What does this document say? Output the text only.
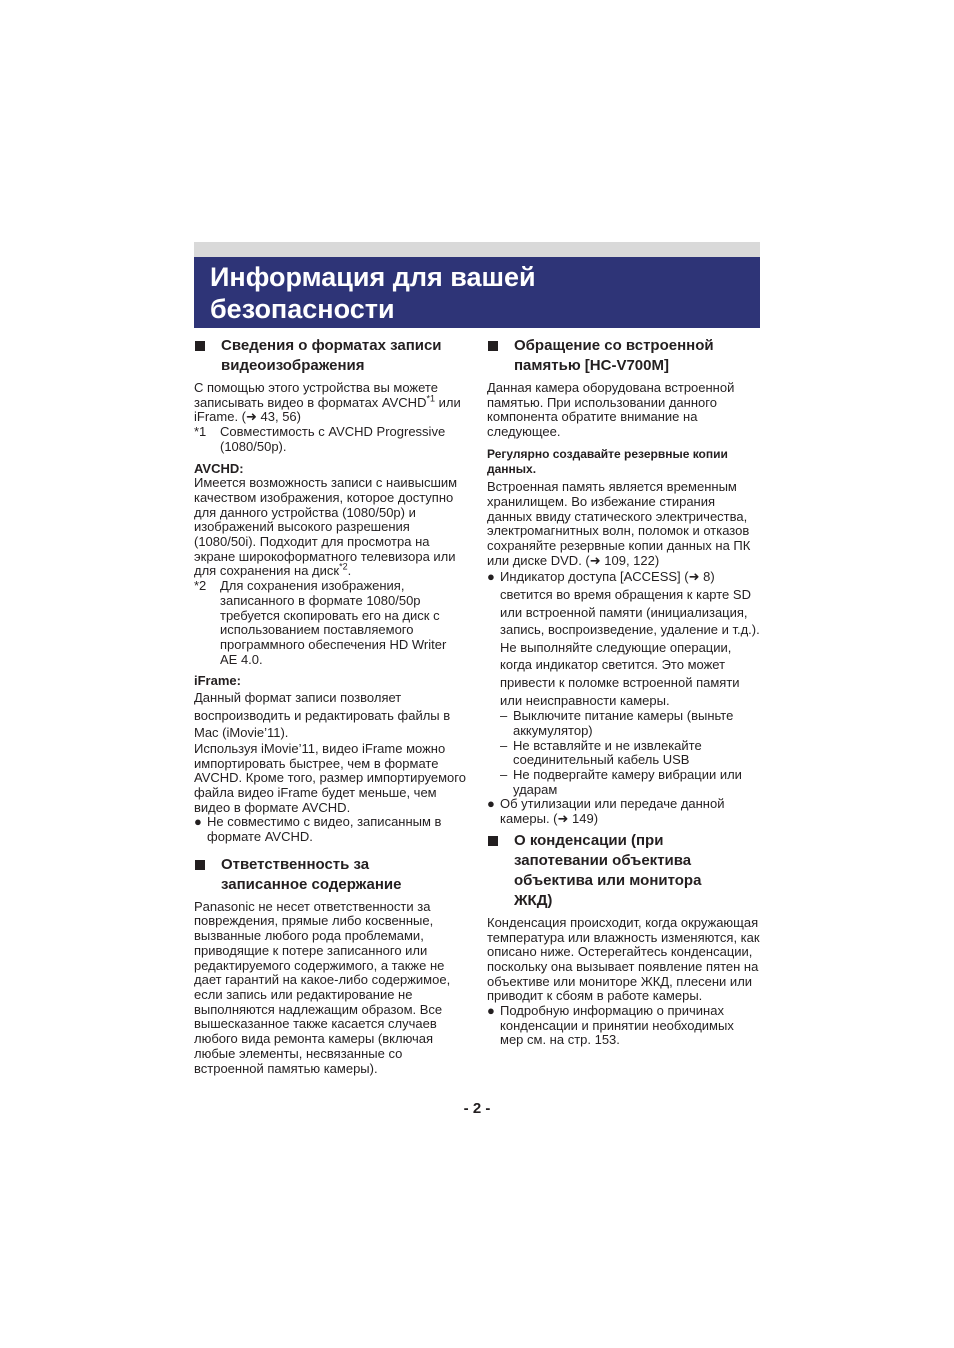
Информация для вашей
безопасности
Сведения о форматах записи
видеоизображения

С помощью этого устройства вы можете записывать видео в форматах AVCHD$^{*1}$ или iFrame. (➜ 43, 56)

*1 Совместимость с AVCHD Progressive (1080/50p).

AVCHD:

Имеется возможность записи с наивысшим качеством изображения, которое доступно для данного устройства (1080/50p) и изображений высокого разрешения (1080/50i). Подходит для просмотра на экране широкоформатного телевизора или для сохранения на диск$^{*2}$.

*2 Для сохранения изображения, записанного в формате 1080/50p требуется скопировать его на диск с использованием поставляемого программного обеспечения HD Writer AE 4.0.

iFrame:

Данный формат записи позволяет воспроизводить и редактировать файлы в Mac (iMovie’11).

Используя iMovie’11, видео iFrame можно импортировать быстрее, чем в формате AVCHD. Кроме того, размер импортируемого файла видео iFrame будет меньше, чем видео в формате AVCHD.

● Не совместимо с видео, записанным в формате AVCHD.
Ответственность за
записанное содержание

Panasonic не несет ответственности за повреждения, прямые либо косвенные, вызванные любого рода проблемами, приводящие к потере записанного или редактируемого содержимого, а также не дает гарантий на какое-либо содержимое, если запись или редактирование не выполняются надлежащим образом. Все вышесказанное также касается случаев любого вида ремонта камеры (включая любые элементы, несвязанные со встроенной памятью камеры).

Обращение со встроенной
памятью [HC-V700M]

Данная камера оборудована встроенной памятью. При использовании данного компонента обратите внимание на следующее.

Регулярно создавайте резервные копии данных.

Встроенная память является временным хранилищем. Во избежание стирания данных ввиду статического электричества, электромагнитных волн, поломок и отказов сохраняйте резервные копии данных на ПК или диске DVD. (➜ 109, 122)

● Индикатор доступа [ACCESS] (➜ 8) светится во время обращения к карте SD или встроенной памяти (инициализация, запись, воспроизведение, удаление и т.д.). Не выполняйте следующие операции, когда индикатор светится. Это может привести к поломке встроенной памяти или неисправности камеры.
– Выключите питание камеры (выньте аккумулятор)
– Не вставляйте и не извлекайте соединительный кабель USB
– Не подвергайте камеру вибрации или ударам
● Об утилизации или передаче данной камеры. (➜ 149)
О конденсации (при
запотевании объектива
объектива или монитора
ЖКД)

Конденсация происходит, когда окружающая температура или влажность изменяются, как описано ниже. Остерегайтесь конденсации, поскольку она вызывает появление пятен на объективе или мониторе ЖКД, плесени или приводит к сбоям в работе камеры.

● Подробную информацию о причинах конденсации и принятии необходимых мер см. на стр. 153.
- 2 -
